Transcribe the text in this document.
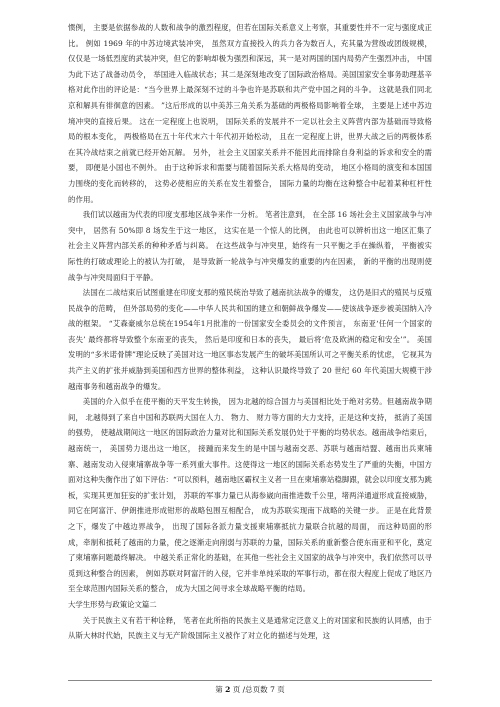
惯例， 主要是依据参战的人数和战争的激烈程度，但若在国际关系意义上考察，其重要性并不一定与强度成正比。 例如 1969 年的中苏边境武装冲突， 虽然双方直接投入的兵力各为数百人，充其量为营级或团级规模，仅仅是一场低烈度的武装冲突，但它的影响却极为强烈和深远，其一是对两国的国内局势产生强烈冲击， 中国为此下达了战备动员令， 举国进入临战状态；其二是深刻地改变了国际政治格局。美国国家安全事务助理基辛格对此作出的评论是：“当今世界上最深刻不过的斗争也许是苏联和共产党中国之间的斗争。 这就是我们同北京和解具有徘徊意的因素。 ”这后形成的以中美苏三角关系为基础的两极格局影响着全球， 主要是上述中苏边境冲突的直接后果。 这在一定程度上也说明， 国际关系的发展并不一定以社会主义阵营内部为基础而导致格局的根本变化， 两极格局在五十年代末六十年代初开始松动， 且在一定程度上讲，世界大战之后的两极体系在其冷战结束之前就已经开始瓦解。 另外， 社会主义国家关系并不能因此而排除自身利益的诉求和安全的需要， 即便是小国也不例外。 由于这种诉求和需要与随着国际关系大格局的变动， 地区小格局的演变和本国国力围绕的变化而转移的， 这势必使相应的关系在发生着整合， 国际力量的均衡在这种整合中起着某种杠杆性的作用。

我们试以越南为代表的印度支那地区战争来作一分析。 笔者注意到， 在全部 16 场社会主义国家战争与冲突中， 居然有 50%即 8 场发生于这一地区， 这实在是一个惊人的比例， 由此也可以辨析出这一地区汇集了社会主义阵营内部关系的种种矛盾与纠葛。 在这些战争与冲突里，始终有一只平衡之手在操纵着， 平衡被实际性的打破或理论上的被认为打破， 是导致新一轮战争与冲突爆发的重要的内在因素， 新的平衡的出现则使战争与冲突局面归于平静。

法国在二战结束后试图重建在印度支那的殖民统治导致了越南抗法战争的爆发， 这仍是旧式的殖民与反殖民战争的范畴， 但外部局势的变化——中华人民共和国的建立和朝鲜战争爆发——使该战争逐步被美国纳入冷战的框架。 “艾森豪威尔总统在1954年1月批准的一份国家安全委员会的文件预言， 东南亚‘任何一个国家的丧失’ 最终都将导致整个东南亚的丧失， 然后是印度和日本的丧失， 最后将‘危及欧洲的稳定和安全’”。 美国发明的“多米诺骨牌”理论反映了美国对这一地区事态发展产生的破坏美国所认可之平衡关系的忧虑， 它视其为共产主义的扩张并威胁到美国和西方世界的整体利益， 这种认识最终导致了 20 世纪 60 年代美国大规模干涉越南事务和越南战争的爆发。

美国的介入似乎在使平衡的天平发生转换， 因为北越的综合国力与美国相比处于绝对劣势。但越南战争期间， 北越得到了来自中国和苏联两大国在人力、 物力、 财力等方面的大力支持，正是这种支持， 抵消了美国的强势， 使越战期间这一地区的国际政治力量对比和国际关系发展仍处于平衡的均势状态。越南战争结束后， 越南统一， 美国势力退出这一地区， 接踵而来发生的是中国与越南交恶、苏联与越南结盟、越南出兵柬埔寨、越南发动入侵柬埔寨战争等一系列重大事件。这使得这一地区的国际关系态势发生了严重的失衡，中国方面对这种失衡作出了如下评估：“可以预料，越南地区霸权主义者一旦在柬埔寨站稳脚跟，就会以印度支那为跳板，实现其更加狂妄的扩张计划， 苏联的军事力量已从海参崴向南推进数千公里，堵两洋通道形成直接威胁， 同它在阿富汗、伊朗推进形成钳形的战略包围互相配合， 成为苏联实现南下战略的关键一步。 正是在此背景之下，爆发了中越边界战争， 出现了国际各派力量支援柬埔寨抵抗力量联合抗越的局面， 而这种局面的形成，牵制和抵耗了越南的力量，使之逐渐走向削弱与苏联的力量，国际关系的重新整合使东南亚和平化，奠定了柬埔寨问题最终解决。 中越关系正常化的基础，在其他一些社会主义国家的战争与冲突中，我们依然可以寻觅到这种整合的因素， 例如苏联对阿富汗的入侵，它并非单纯采取的军事行动，都在很大程度上促成了地区乃至全球范围内国际关系的整合， 成为大国之间寻求全球战略平衡的结局。

大学生形势与政策论文篇二

关于民族主义有若干种诠释， 笔者在此所指的民族主义是通常定泛意义上的对国家和民族的认同感，由于从斯大林时代始，民族主义与无产阶级国际主义被作了对立化的描述与处理，这

第 2 页 /总页数 7 页
